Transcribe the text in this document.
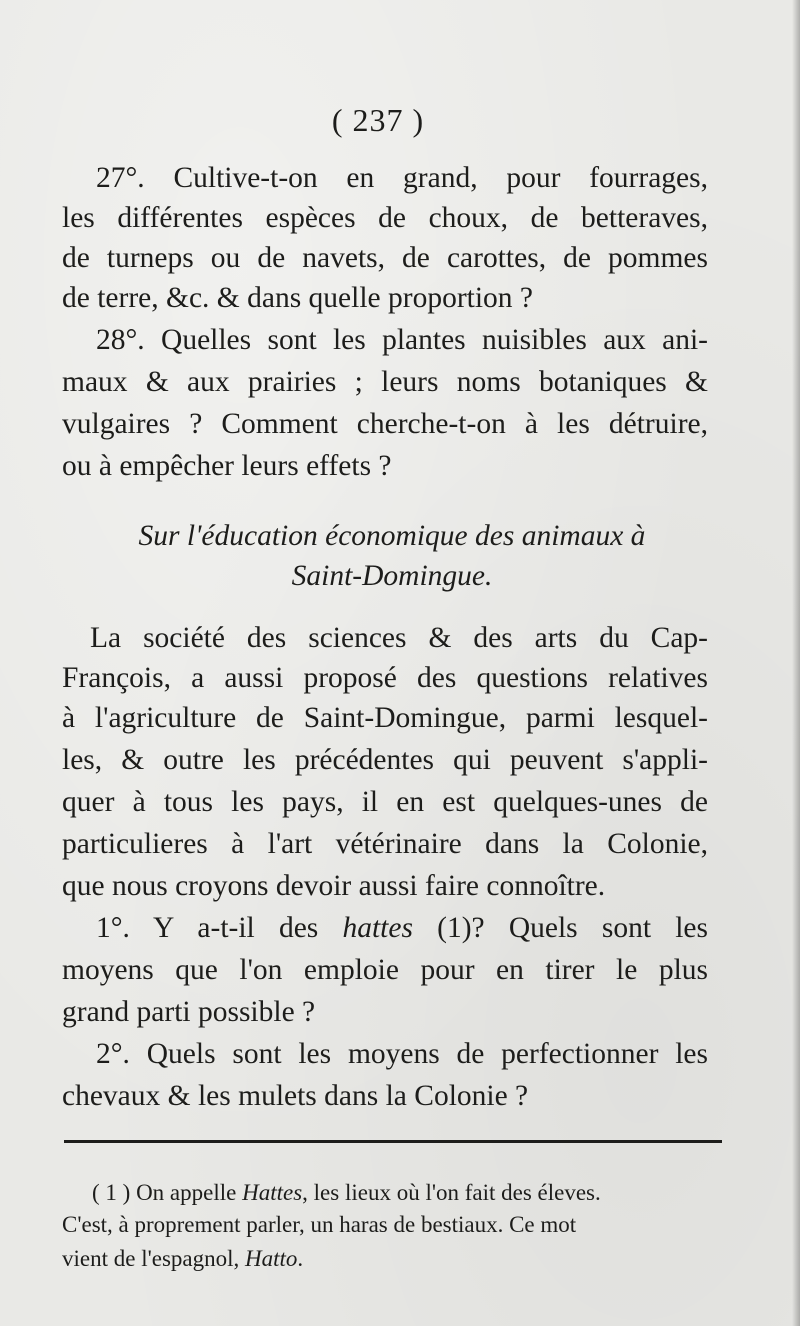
( 237 )
27°. Cultive-t-on en grand, pour fourrages,
les différentes espèces de choux, de betteraves,
de turneps ou de navets, de carottes, de pommes
de terre, &c. & dans quelle proportion ?
28°. Quelles sont les plantes nuisibles aux ani-
maux & aux prairies ; leurs noms botaniques &
vulgaires ? Comment cherche-t-on à les détruire,
ou à empêcher leurs effets ?
Sur l'éducation économique des animaux à
Saint-Domingue.
La société des sciences & des arts du Cap-
François, a aussi proposé des questions relatives
à l'agriculture de Saint-Domingue, parmi lesquel-
les, & outre les précédentes qui peuvent s'appli-
quer à tous les pays, il en est quelques-unes de
particulieres à l'art vétérinaire dans la Colonie,
que nous croyons devoir aussi faire connoître.
1°. Y a-t-il des hattes (1)? Quels sont les
moyens que l'on emploie pour en tirer le plus
grand parti possible ?
2°. Quels sont les moyens de perfectionner les
chevaux & les mulets dans la Colonie ?
( 1 ) On appelle Hattes, les lieux où l'on fait des éleves.
C'est, à proprement parler, un haras de bestiaux. Ce mot
vient de l'espagnol, Hatto.
